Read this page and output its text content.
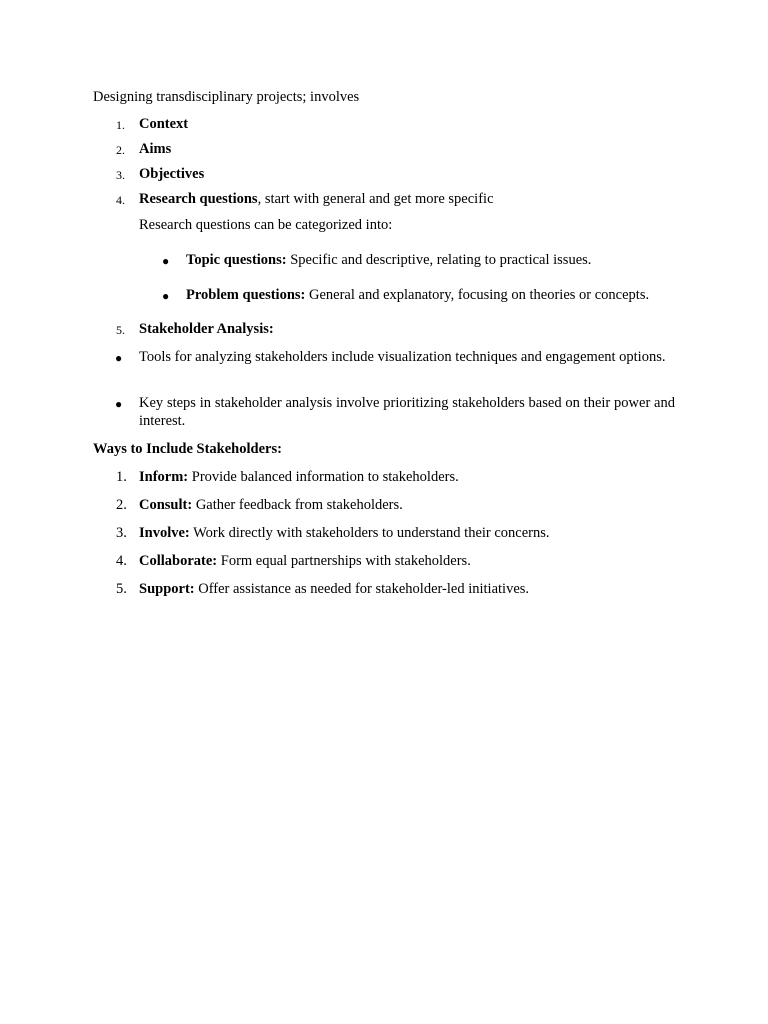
Designing transdisciplinary projects; involves
1. Context
2. Aims
3. Objectives
4. Research questions, start with general and get more specific
Research questions can be categorized into:
● Topic questions: Specific and descriptive, relating to practical issues.
● Problem questions: General and explanatory, focusing on theories or concepts.
5. Stakeholder Analysis:
● Tools for analyzing stakeholders include visualization techniques and engagement options.
● Key steps in stakeholder analysis involve prioritizing stakeholders based on their power and interest.
Ways to Include Stakeholders:
1. Inform: Provide balanced information to stakeholders.
2. Consult: Gather feedback from stakeholders.
3. Involve: Work directly with stakeholders to understand their concerns.
4. Collaborate: Form equal partnerships with stakeholders.
5. Support: Offer assistance as needed for stakeholder-led initiatives.
